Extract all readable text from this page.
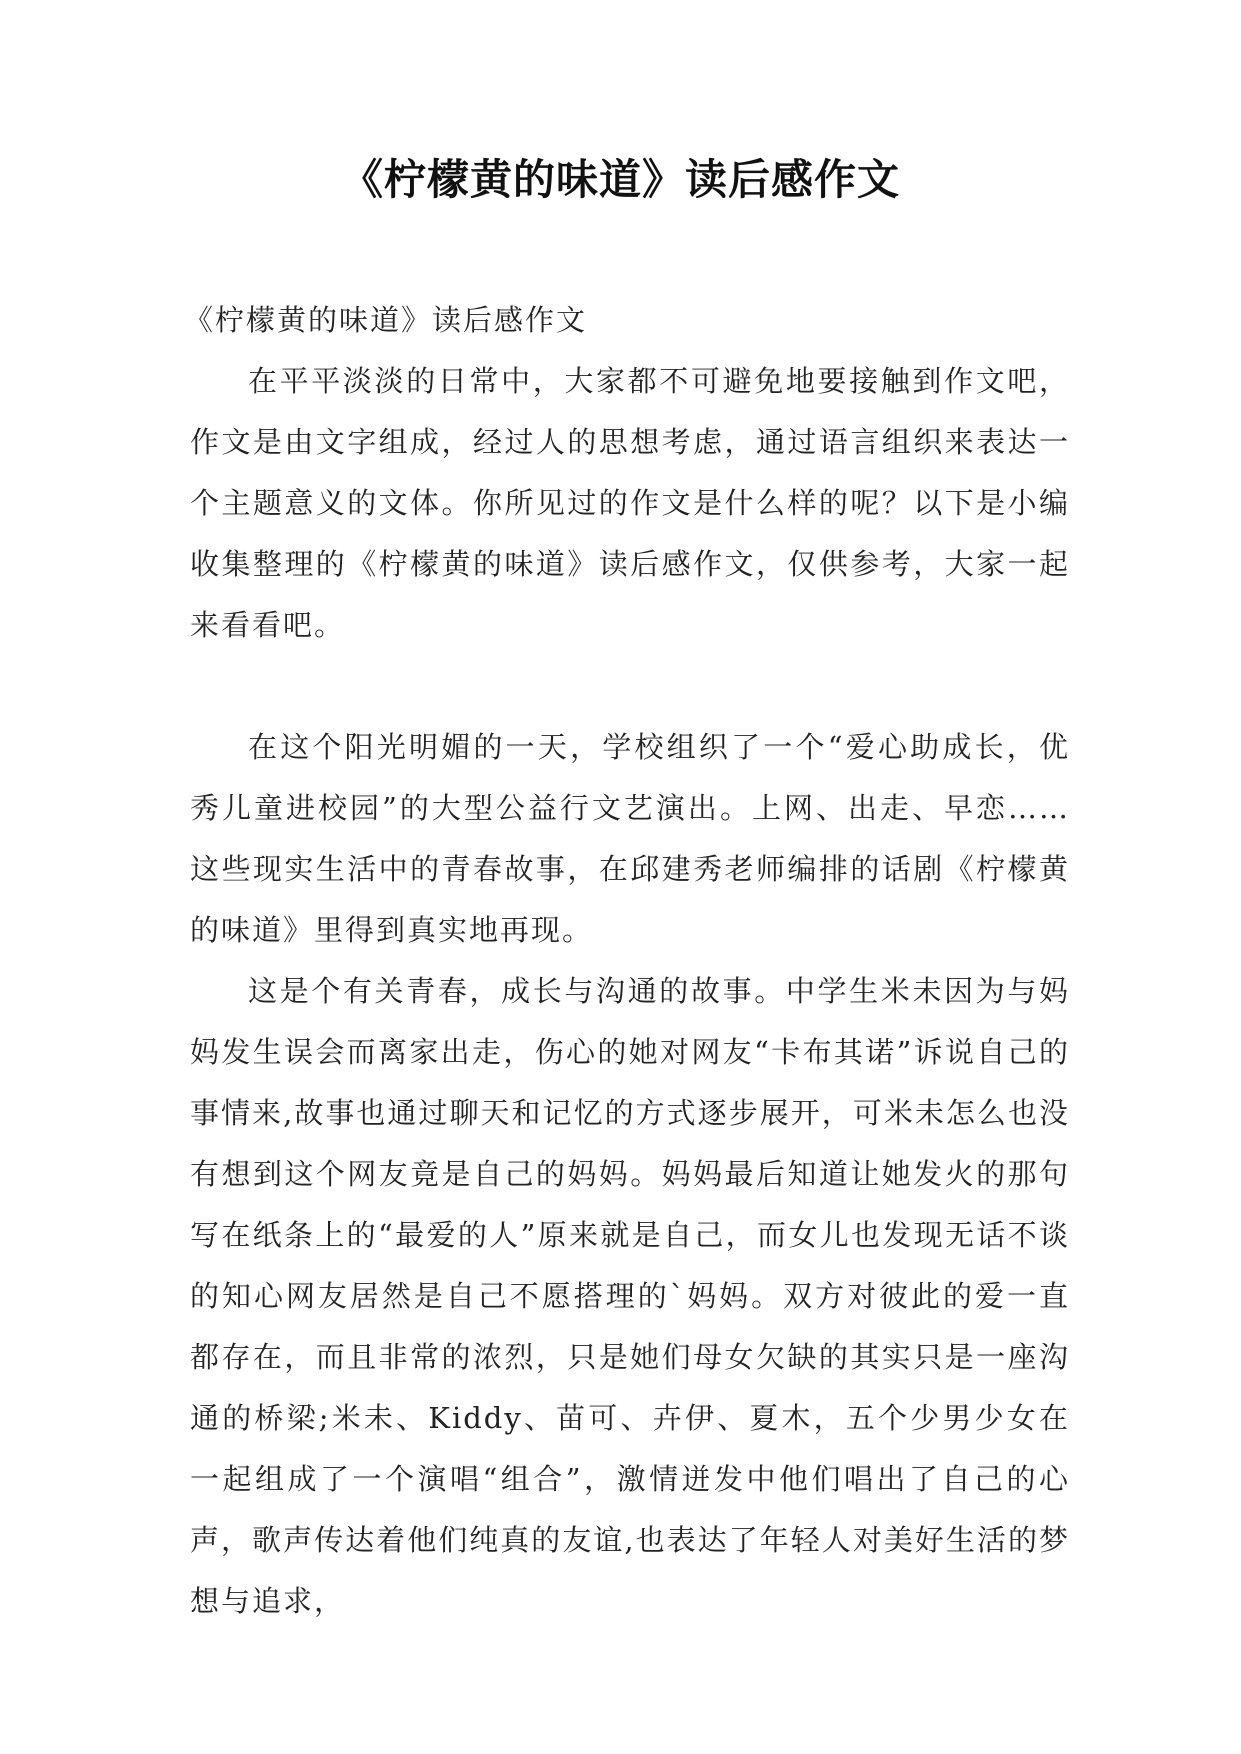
《柠檬黄的味道》读后感作文

《柠檬黄的味道》读后感作文

在平平淡淡的日常中，大家都不可避免地要接触到作文吧，作文是由文字组成，经过人的思想考虑，通过语言组织来表达一个主题意义的文体。你所见过的作文是什么样的呢？以下是小编收集整理的《柠檬黄的味道》读后感作文，仅供参考，大家一起来看看吧。

在这个阳光明媚的一天，学校组织了一个“爱心助成长，优秀儿童进校园”的大型公益行文艺演出。上网、出走、早恋……这些现实生活中的青春故事，在邱建秀老师编排的话剧《柠檬黄的味道》里得到真实地再现。

这是个有关青春，成长与沟通的故事。中学生米未因为与妈妈发生误会而离家出走，伤心的她对网友“卡布其诺”诉说自己的事情来,故事也通过聊天和记忆的方式逐步展开，可米未怎么也没有想到这个网友竟是自己的妈妈。妈妈最后知道让她发火的那句写在纸条上的“最爱的人”原来就是自己，而女儿也发现无话不谈的知心网友居然是自己不愿搭理的`妈妈。双方对彼此的爱一直都存在，而且非常的浓烈，只是她们母女欠缺的其实只是一座沟通的桥梁;米未、Kiddy、苗可、卉伊、夏木，五个少男少女在一起组成了一个演唱“组合”，激情迸发中他们唱出了自己的心声，歌声传达着他们纯真的友谊,也表达了年轻人对美好生活的梦想与追求，
